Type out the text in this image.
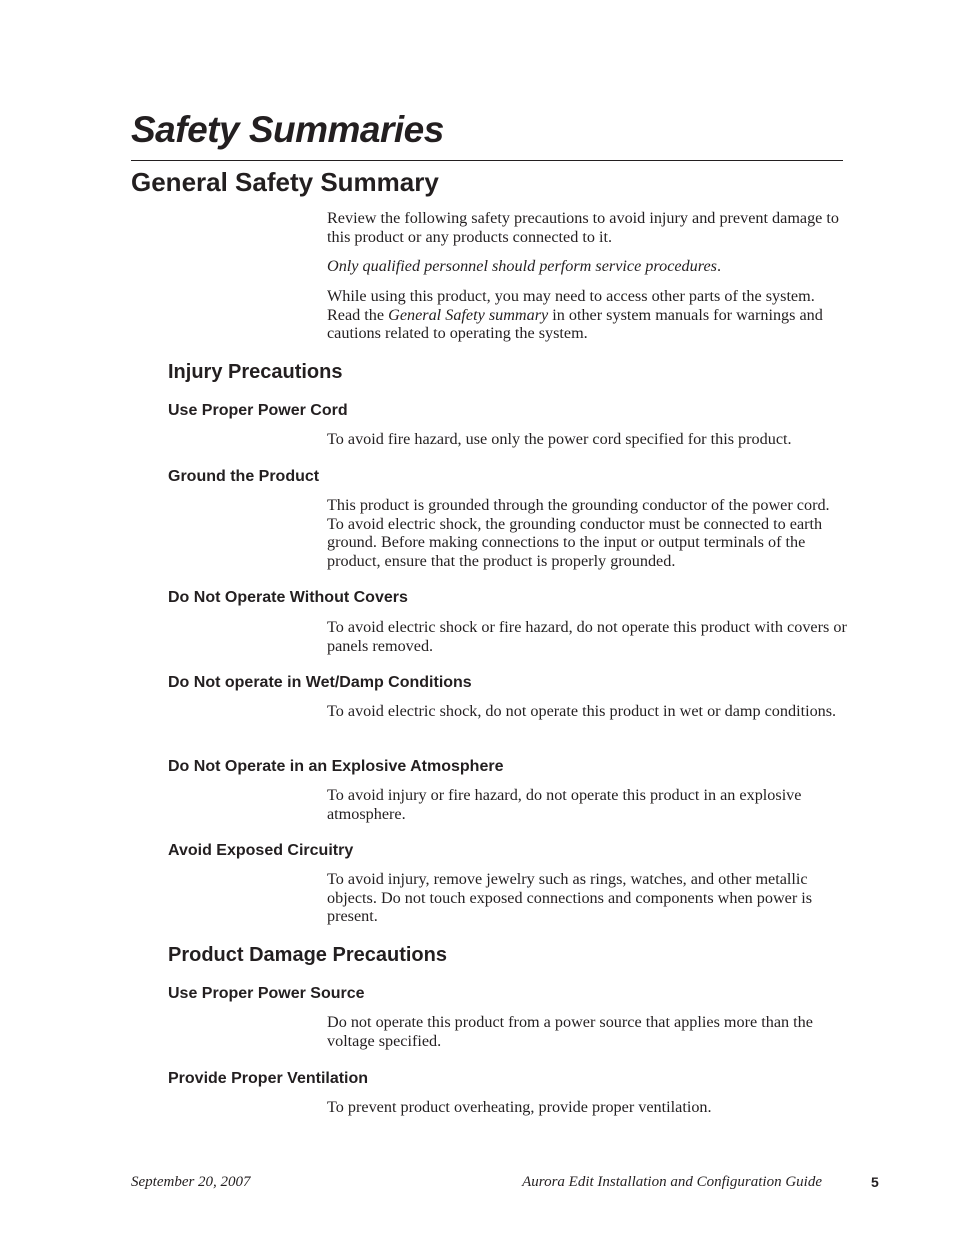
Safety Summaries
General Safety Summary

Review the following safety precautions to avoid injury and prevent damage to this product or any products connected to it.

Only qualified personnel should perform service procedures.

While using this product, you may need to access other parts of the system. Read the General Safety summary in other system manuals for warnings and cautions related to operating the system.

Injury Precautions
Use Proper Power Cord

To avoid fire hazard, use only the power cord specified for this product.

Ground the Product

This product is grounded through the grounding conductor of the power cord. To avoid electric shock, the grounding conductor must be connected to earth ground. Before making connections to the input or output terminals of the product, ensure that the product is properly grounded.

Do Not Operate Without Covers

To avoid electric shock or fire hazard, do not operate this product with covers or panels removed.

Do Not operate in Wet/Damp Conditions

To avoid electric shock, do not operate this product in wet or damp conditions.

Do Not Operate in an Explosive Atmosphere

To avoid injury or fire hazard, do not operate this product in an explosive atmosphere.

Avoid Exposed Circuitry

To avoid injury, remove jewelry such as rings, watches, and other metallic objects. Do not touch exposed connections and components when power is present.

Product Damage Precautions
Use Proper Power Source

Do not operate this product from a power source that applies more than the voltage specified.

Provide Proper Ventilation

To prevent product overheating, provide proper ventilation.

September 20, 2007	Aurora Edit Installation and Configuration Guide	5
